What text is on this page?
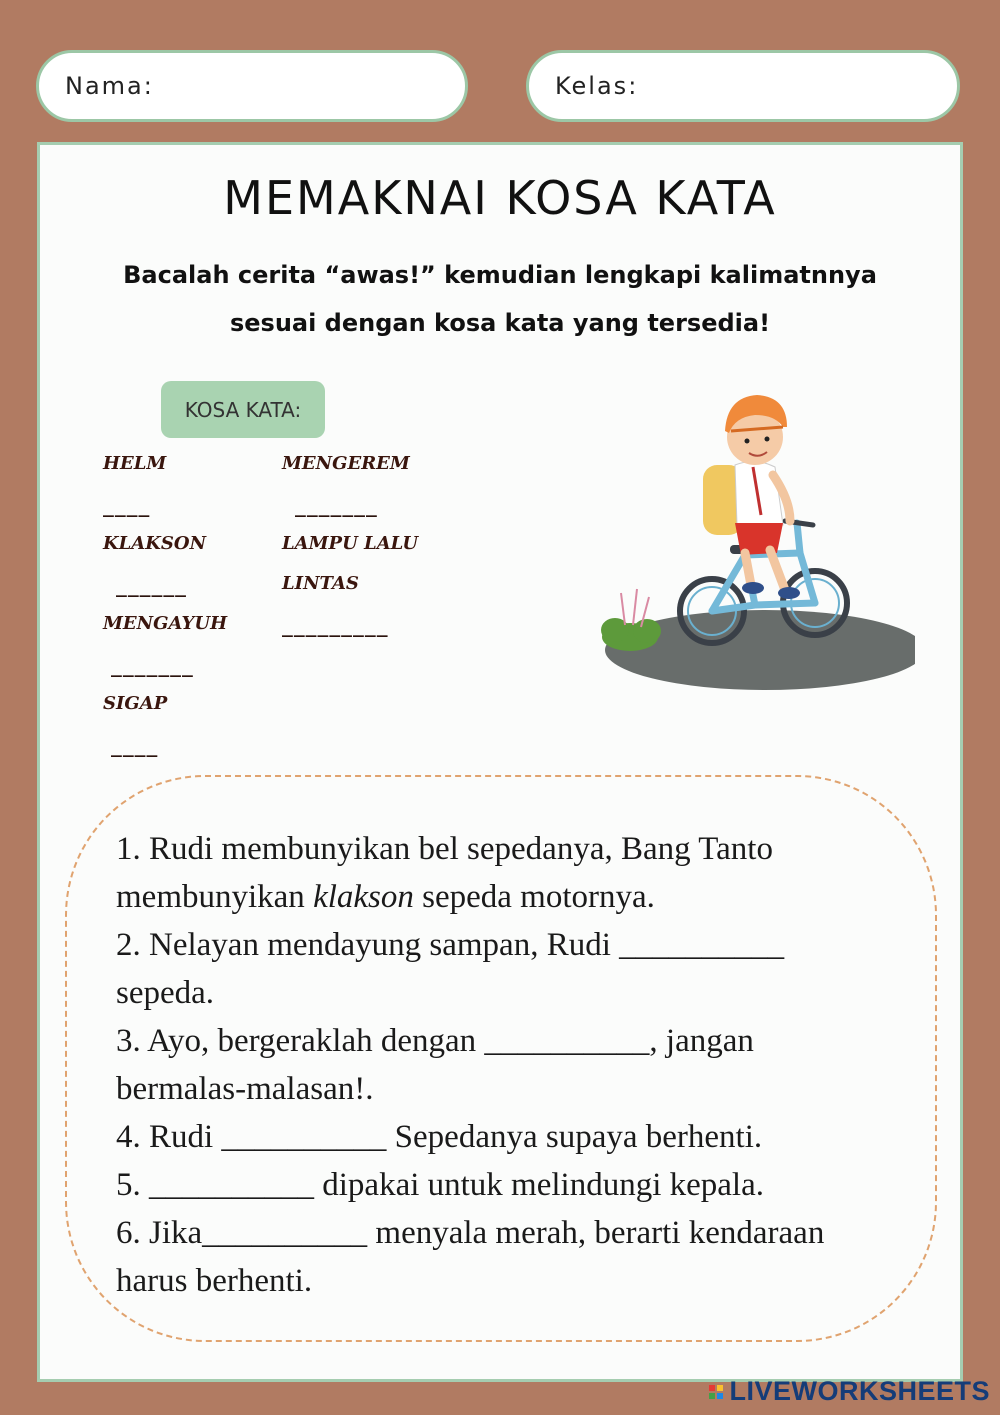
Nama:	Kelas:
MEMAKNAI KOSA KATA
Bacalah cerita “awas!” kemudian lengkapi kalimatnnya
sesuai dengan kosa kata yang tersedia!
KOSA KATA:
HELM
____
KLAKSON
______
MENGAYUH
_______
SIGAP
____
MENGEREM
_______
LAMPU LALU
LINTAS
_________

1. Rudi membunyikan bel sepedanya, Bang Tanto membunyikan klakson sepeda motornya.

2. Nelayan mendayung sampan, Rudi __________ sepeda.

3. Ayo, bergeraklah dengan __________, jangan bermalas-malasan!.

4. Rudi __________ Sepedanya supaya berhenti.

5. __________ dipakai untuk melindungi kepala.

6. Jika__________ menyala merah, berarti kendaraan harus berhenti.

LIVEWORKSHEETS
